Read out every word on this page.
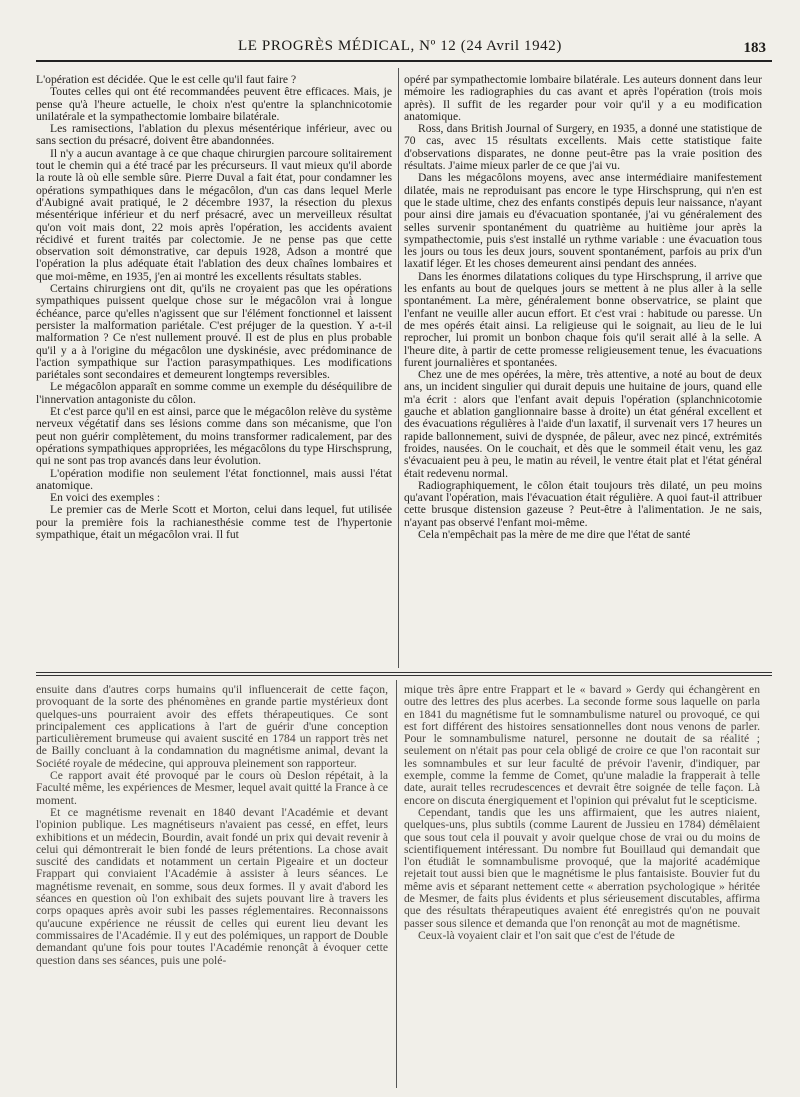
LE PROGRÈS MÉDICAL, Nº 12 (24 Avril 1942)	183

L'opération est décidée. Que le est celle qu'il faut faire ?

Toutes celles qui ont été recommandées peuvent être efficaces. Mais, je pense qu'à l'heure actuelle, le choix n'est qu'entre la splanchnicotomie unilatérale et la sympathectomie lombaire bilatérale.

Les ramisections, l'ablation du plexus mésentérique inférieur, avec ou sans section du présacré, doivent être abandonnées.

Il n'y a aucun avantage à ce que chaque chirurgien parcoure solitairement tout le chemin qui a été tracé par les précurseurs. Il vaut mieux qu'il aborde la route là où elle semble sûre. Pierre Duval a fait état, pour condamner les opérations sympathiques dans le mégacôlon, d'un cas dans lequel Merle d'Aubigné avait pratiqué, le 2 décembre 1937, la résection du plexus mésentérique inférieur et du nerf présacré, avec un merveilleux résultat qu'on voit mais dont, 22 mois après l'opération, les accidents avaient récidivé et furent traités par colectomie. Je ne pense pas que cette observation soit démonstrative, car depuis 1928, Adson a montré que l'opération la plus adéquate était l'ablation des deux chaînes lombaires et que moi-même, en 1935, j'en ai montré les excellents résultats stables.

Certains chirurgiens ont dit, qu'ils ne croyaient pas que les opérations sympathiques puissent quelque chose sur le mégacôlon vrai à longue échéance, parce qu'elles n'agissent que sur l'élément fonctionnel et laissent persister la malformation pariétale. C'est préjuger de la question. Y a-t-il malformation ? Ce n'est nullement prouvé. Il est de plus en plus probable qu'il y a à l'origine du mégacôlon une dyskinésie, avec prédominance de l'action sympathique sur l'action parasympathiques. Les modifications pariétales sont secondaires et demeurent longtemps reversibles.

Le mégacôlon apparaît en somme comme un exemple du déséquilibre de l'innervation antagoniste du côlon.

Et c'est parce qu'il en est ainsi, parce que le mégacôlon relève du système nerveux végétatif dans ses lésions comme dans son mécanisme, que l'on peut non guérir complètement, du moins transformer radicalement, par des opérations sympathiques appropriées, les mégacôlons du type Hirschsprung, qui ne sont pas trop avancés dans leur évolution.

L'opération modifie non seulement l'état fonctionnel, mais aussi l'état anatomique.

En voici des exemples :

Le premier cas de Merle Scott et Morton, celui dans lequel, fut utilisée pour la première fois la rachianesthésie comme test de l'hypertonie sympathique, était un mégacôlon vrai. Il fut

opéré par sympathectomie lombaire bilatérale. Les auteurs donnent dans leur mémoire les radiographies du cas avant et après l'opération (trois mois après). Il suffit de les regarder pour voir qu'il y a eu modification anatomique.

Ross, dans British Journal of Surgery, en 1935, a donné une statistique de 70 cas, avec 15 résultats excellents. Mais cette statistique faite d'observations disparates, ne donne peut-être pas la vraie position des résultats. J'aime mieux parler de ce que j'ai vu.

Dans les mégacôlons moyens, avec anse intermédiaire manifestement dilatée, mais ne reproduisant pas encore le type Hirschsprung, qui n'en est que le stade ultime, chez des enfants constipés depuis leur naissance, n'ayant pour ainsi dire jamais eu d'évacuation spontanée, j'ai vu généralement des selles survenir spontanément du quatrième au huitième jour après la sympathectomie, puis s'est installé un rythme variable : une évacuation tous les jours ou tous les deux jours, souvent spontanément, parfois au prix d'un laxatif léger. Et les choses demeurent ainsi pendant des années.

Dans les énormes dilatations coliques du type Hirschsprung, il arrive que les enfants au bout de quelques jours se mettent à ne plus aller à la selle spontanément. La mère, généralement bonne observatrice, se plaint que l'enfant ne veuille aller aucun effort. Et c'est vrai : habitude ou paresse. Un de mes opérés était ainsi. La religieuse qui le soignait, au lieu de le lui reprocher, lui promit un bonbon chaque fois qu'il serait allé à la selle. A l'heure dite, à partir de cette promesse religieusement tenue, les évacuations furent journalières et spontanées.

Chez une de mes opérées, la mère, très attentive, a noté au bout de deux ans, un incident singulier qui durait depuis une huitaine de jours, quand elle m'a écrit : alors que l'enfant avait depuis l'opération (splanchnicotomie gauche et ablation ganglionnaire basse à droite) un état général excellent et des évacuations régulières à l'aide d'un laxatif, il survenait vers 17 heures un rapide ballonnement, suivi de dyspnée, de pâleur, avec nez pincé, extrémités froides, nausées. On le couchait, et dès que le sommeil était venu, les gaz s'évacuaient peu à peu, le matin au réveil, le ventre était plat et l'état général était redevenu normal.

Radiographiquement, le côlon était toujours très dilaté, un peu moins qu'avant l'opération, mais l'évacuation était régulière. A quoi faut-il attribuer cette brusque distension gazeuse ? Peut-être à l'alimentation. Je ne sais, n'ayant pas observé l'enfant moi-même.

Cela n'empêchait pas la mère de me dire que l'état de santé

ensuite dans d'autres corps humains qu'il influencerait de cette façon, provoquant de la sorte des phénomènes en grande partie mystérieux dont quelques-uns pourraient avoir des effets thérapeutiques. Ce sont principalement ces applications à l'art de guérir d'une conception particulièrement brumeuse qui avaient suscité en 1784 un rapport très net de Bailly concluant à la condamnation du magnétisme animal, devant la Société royale de médecine, qui approuva pleinement son rapporteur.

Ce rapport avait été provoqué par le cours où Deslon répétait, à la Faculté même, les expériences de Mesmer, lequel avait quitté la France à ce moment.

Et ce magnétisme revenait en 1840 devant l'Académie et devant l'opinion publique. Les magnétiseurs n'avaient pas cessé, en effet, leurs exhibitions et un médecin, Bourdin, avait fondé un prix qui devait revenir à celui qui démontrerait le bien fondé de leurs prétentions. La chose avait suscité des candidats et notamment un certain Pigeaire et un docteur Frappart qui conviaient l'Académie à assister à leurs séances. Le magnétisme revenait, en somme, sous deux formes. Il y avait d'abord les séances en question où l'on exhibait des sujets pouvant lire à travers les corps opaques après avoir subi les passes réglementaires. Reconnaissons qu'aucune expérience ne réussit de celles qui eurent lieu devant les commissaires de l'Académie. Il y eut des polémiques, un rapport de Double demandant qu'une fois pour toutes l'Académie renonçât à évoquer cette question dans ses séances, puis une polé-

mique très âpre entre Frappart et le « bavard » Gerdy qui échangèrent en outre des lettres des plus acerbes. La seconde forme sous laquelle on parla en 1841 du magnétisme fut le somnambulisme naturel ou provoqué, ce qui est fort différent des histoires sensationnelles dont nous venons de parler. Pour le somnambulisme naturel, personne ne doutait de sa réalité ; seulement on n'était pas pour cela obligé de croire ce que l'on racontait sur les somnambules et sur leur faculté de prévoir l'avenir, d'indiquer, par exemple, comme la femme de Comet, qu'une maladie la frapperait à telle date, aurait telles recrudescences et devrait être soignée de telle façon. Là encore on discuta énergiquement et l'opinion qui prévalut fut le scepticisme.

Cependant, tandis que les uns affirmaient, que les autres niaient, quelques-uns, plus subtils (comme Laurent de Jussieu en 1784) démêlaient que sous tout cela il pouvait y avoir quelque chose de vrai ou du moins de scientifiquement intéressant. Du nombre fut Bouillaud qui demandait que l'on étudiât le somnambulisme provoqué, que la majorité académique rejetait tout aussi bien que le magnétisme le plus fantaisiste. Bouvier fut du même avis et séparant nettement cette « aberration psychologique » héritée de Mesmer, de faits plus évidents et plus sérieusement discutables, affirma que des résultats thérapeutiques avaient été enregistrés qu'on ne pouvait passer sous silence et demanda que l'on renonçât au mot de magnétisme.

Ceux-là voyaient clair et l'on sait que c'est de l'étude de
